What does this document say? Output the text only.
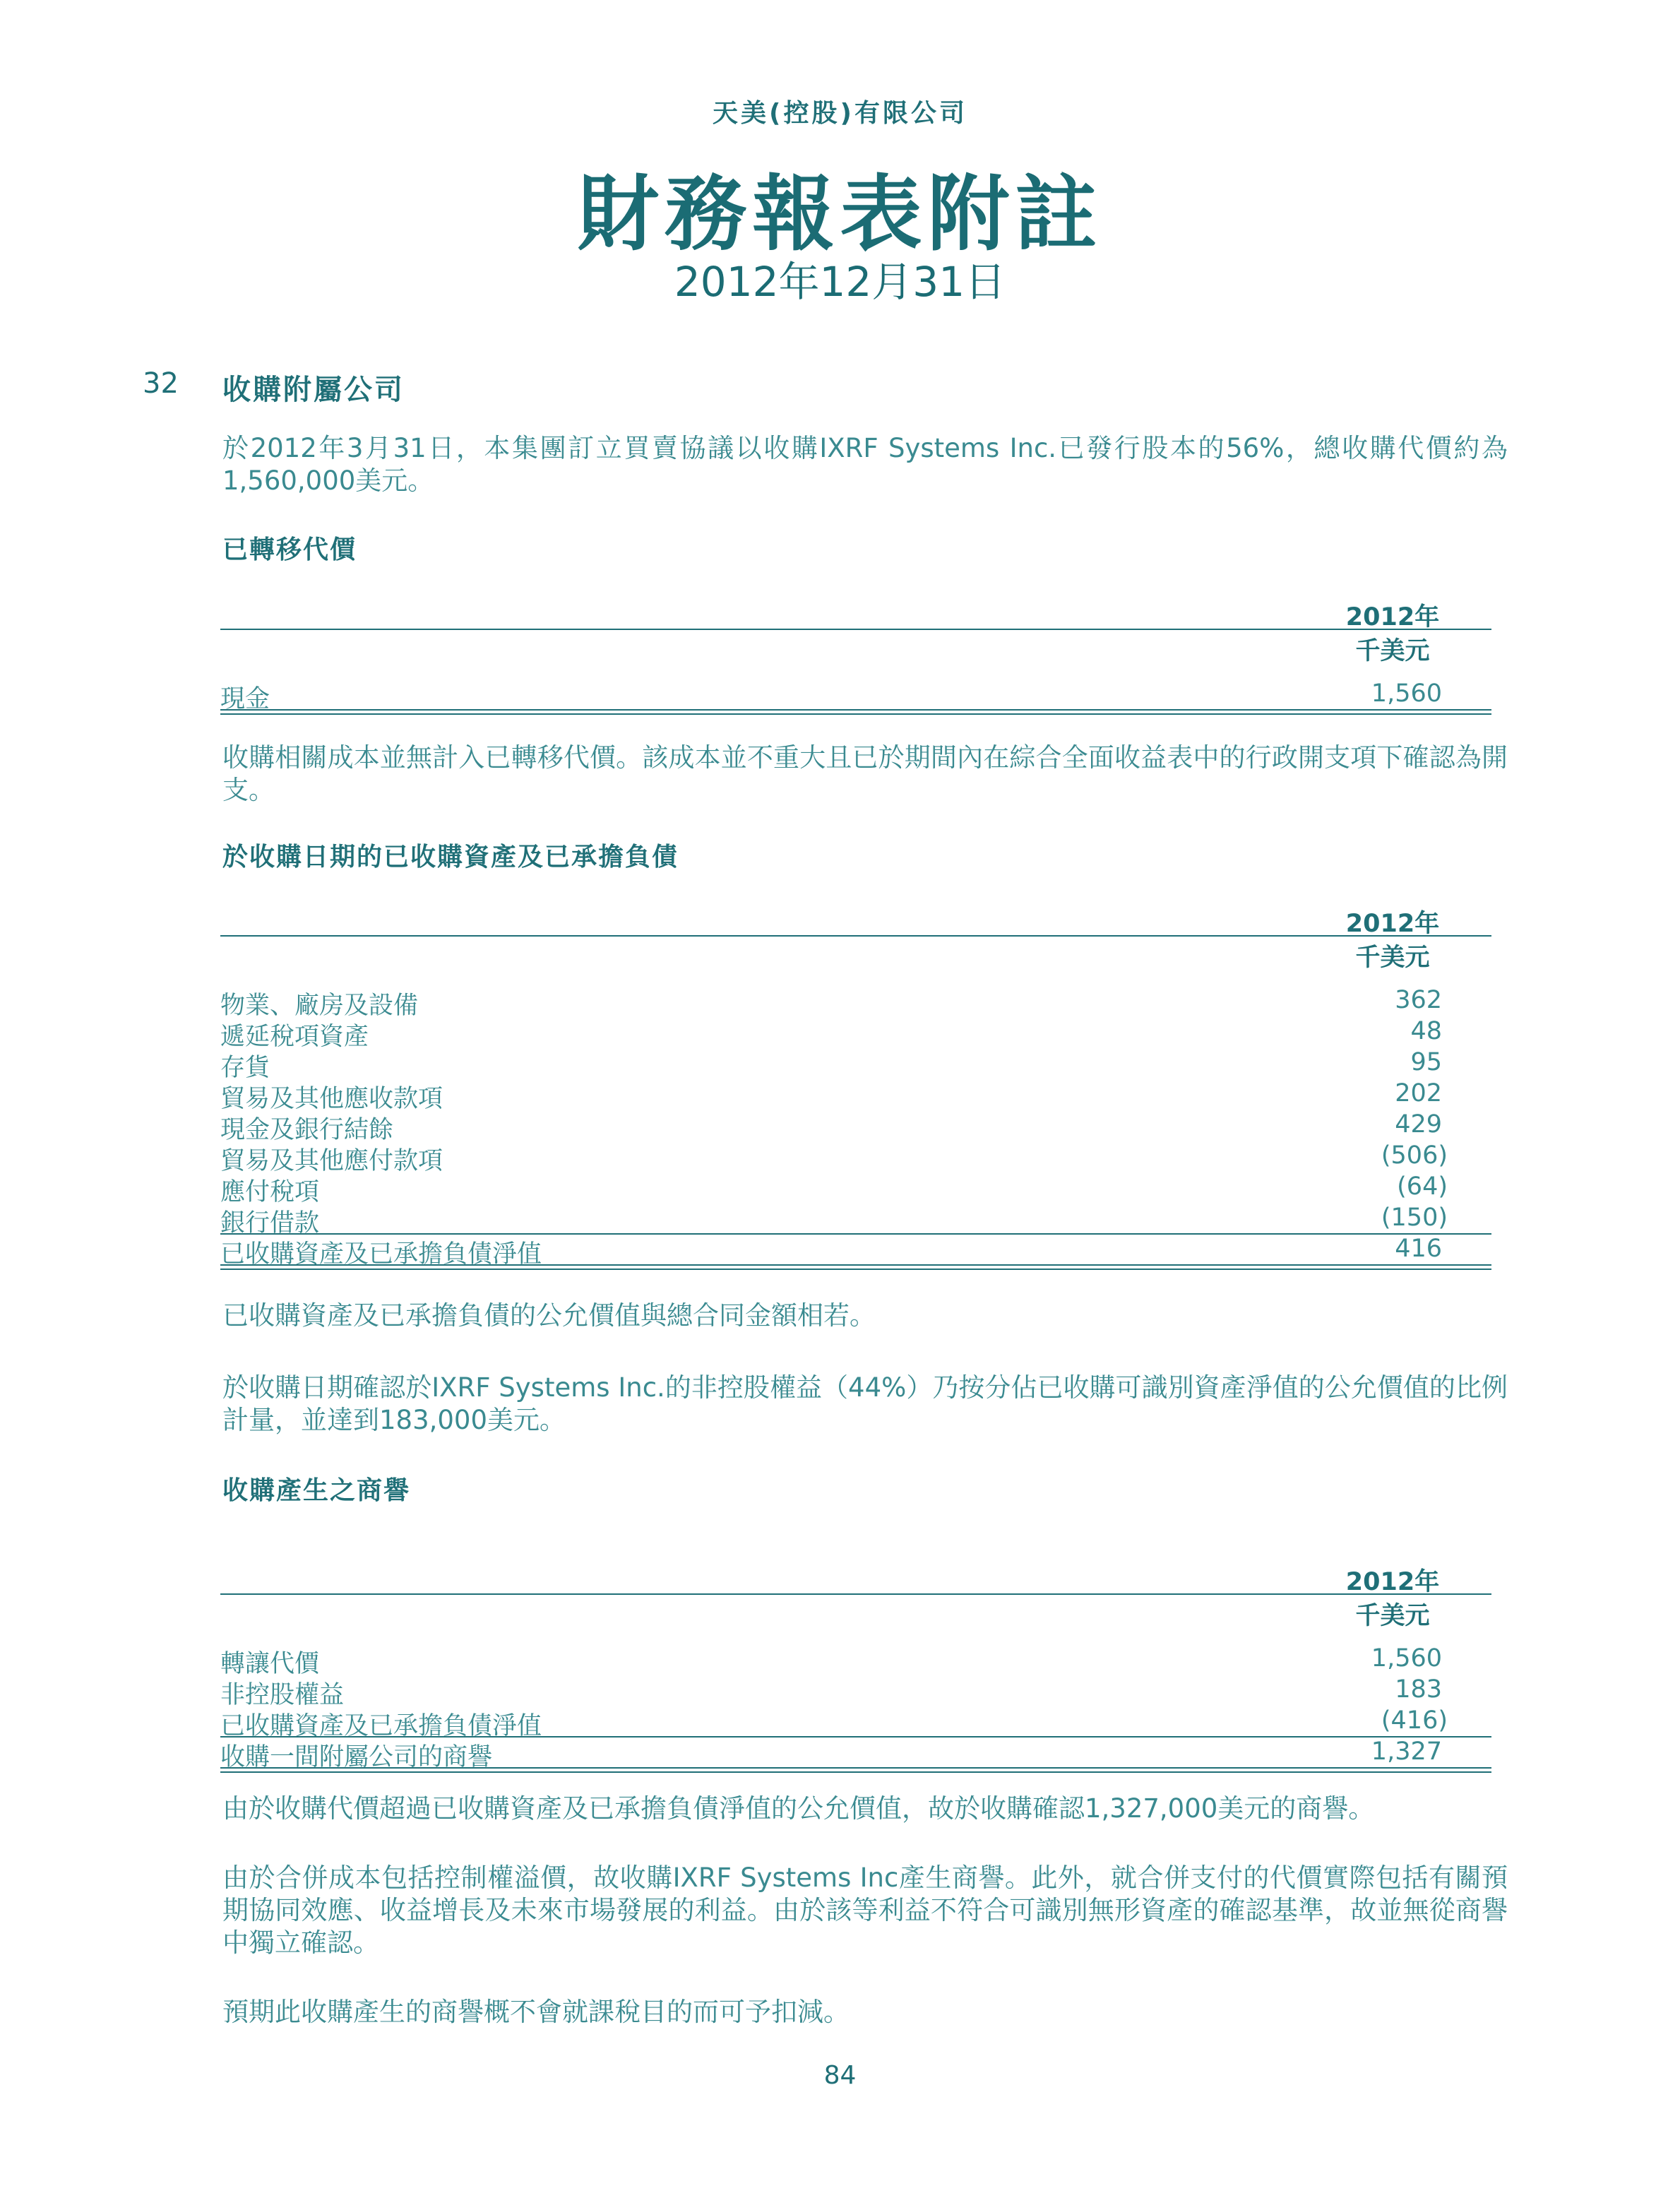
天美(控股)有限公司
財務報表附註
2012年12月31日
32 收購附屬公司
於2012年3月31日，本集團訂立買賣協議以收購IXRF Systems Inc.已發行股本的56%，總收購代價約為1,560,000美元。
已轉移代價
2012年
千美元
現金	1,560
收購相關成本並無計入已轉移代價。該成本並不重大且已於期間內在綜合全面收益表中的行政開支項下確認為開支。
於收購日期的已收購資產及已承擔負債
2012年
千美元
物業、廠房及設備	362
遞延稅項資產	48
存貨	95
貿易及其他應收款項	202
現金及銀行結餘	429
貿易及其他應付款項	(506)
應付稅項	(64)
銀行借款	(150)
已收購資產及已承擔負債淨值	416
已收購資產及已承擔負債的公允價值與總合同金額相若。
於收購日期確認於IXRF Systems Inc.的非控股權益（44%）乃按分佔已收購可識別資產淨值的公允價值的比例計量，並達到183,000美元。
收購產生之商譽
2012年
千美元
轉讓代價	1,560
非控股權益	183
已收購資產及已承擔負債淨值	(416)
收購一間附屬公司的商譽	1,327
由於收購代價超過已收購資產及已承擔負債淨值的公允價值，故於收購確認1,327,000美元的商譽。
由於合併成本包括控制權溢價，故收購IXRF Systems Inc產生商譽。此外，就合併支付的代價實際包括有關預期協同效應、收益增長及未來市場發展的利益。由於該等利益不符合可識別無形資產的確認基準，故並無從商譽中獨立確認。
預期此收購產生的商譽概不會就課稅目的而可予扣減。
84
